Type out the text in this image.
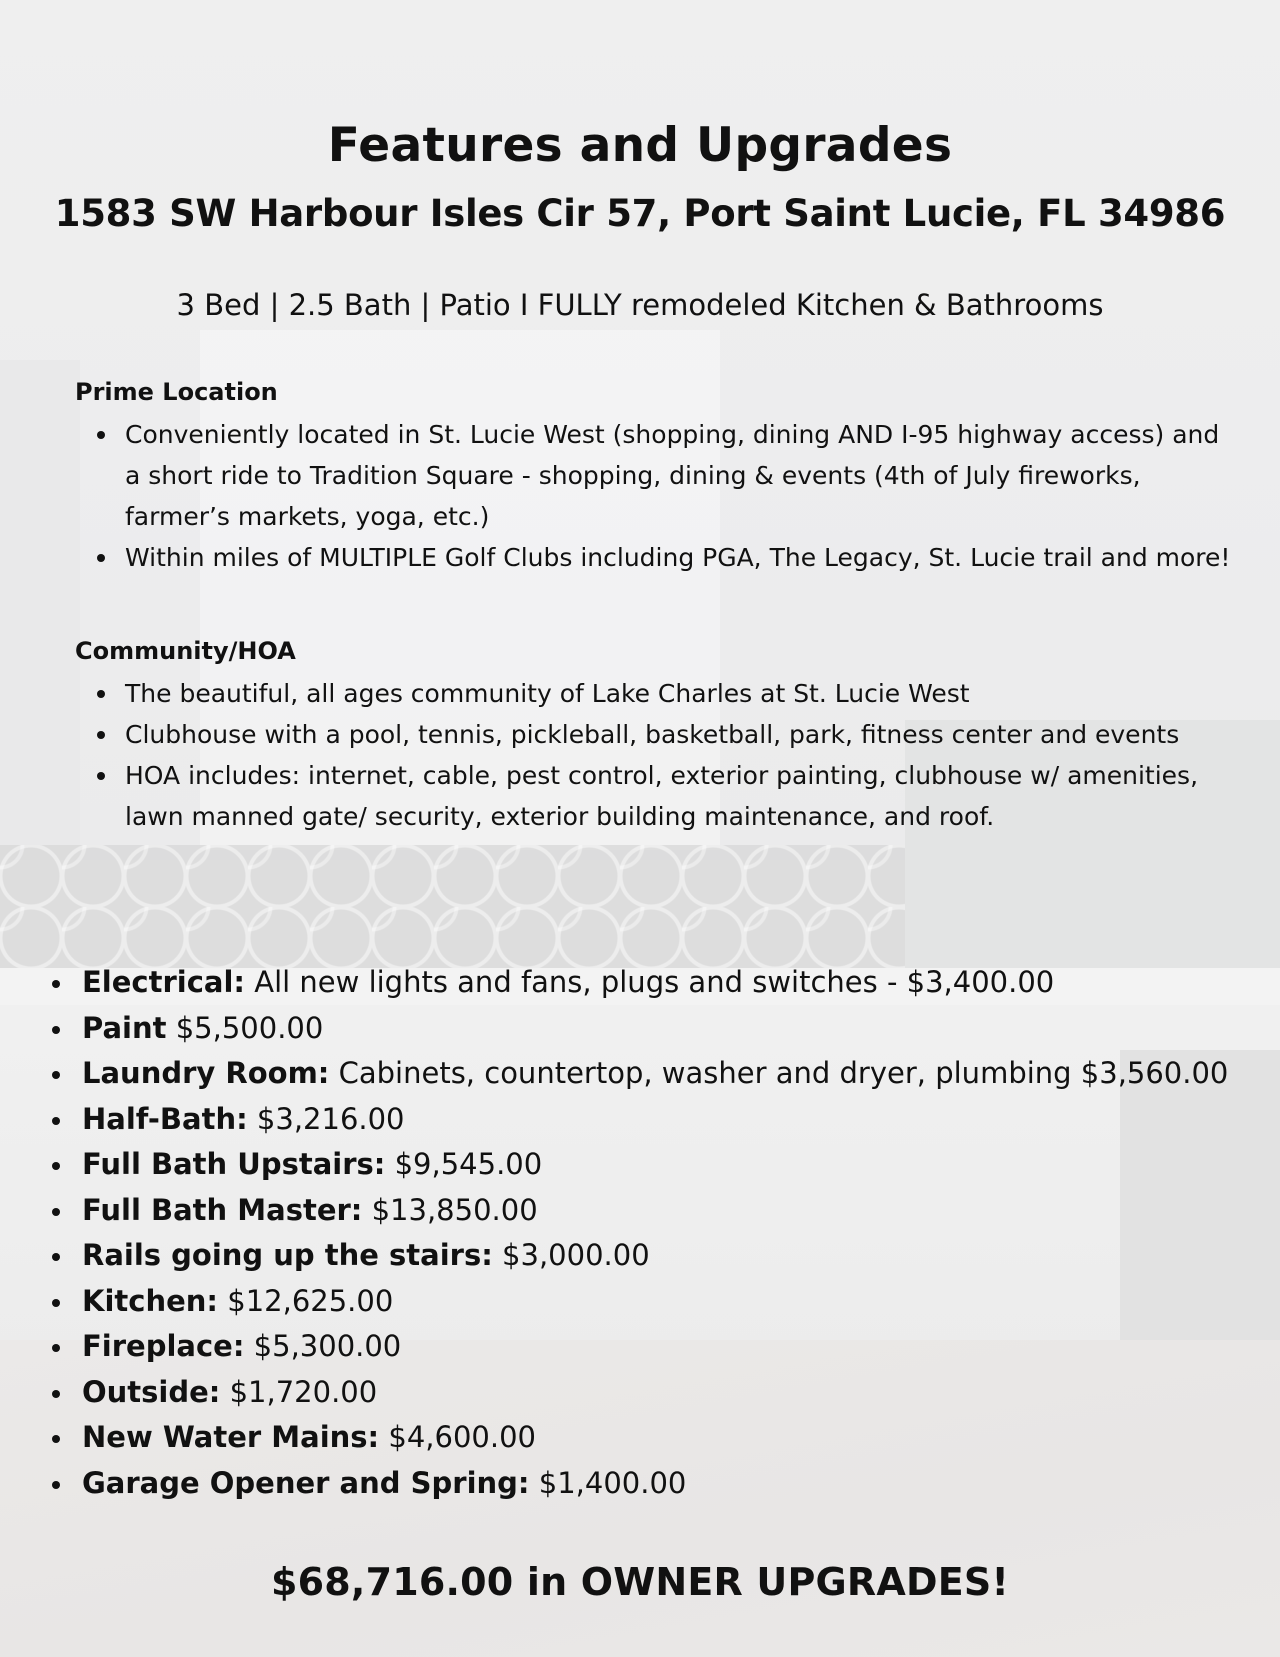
Features and Upgrades
1583 SW Harbour Isles Cir 57, Port Saint Lucie, FL 34986

3 Bed | 2.5 Bath | Patio I FULLY remodeled Kitchen & Bathrooms

Prime Location
Conveniently located in St. Lucie West (shopping, dining AND I-95 highway access) and a short ride to Tradition Square - shopping, dining & events (4th of July fireworks, farmer’s markets, yoga, etc.)
Within miles of MULTIPLE Golf Clubs including PGA, The Legacy, St. Lucie trail and more!
Community/HOA
The beautiful, all ages community of Lake Charles at St. Lucie West
Clubhouse with a pool, tennis, pickleball, basketball, park, fitness center and events
HOA includes: internet, cable, pest control, exterior painting, clubhouse w/ amenities, lawn manned gate/ security, exterior building maintenance, and roof.
Electrical: All new lights and fans, plugs and switches - $3,400.00
Paint $5,500.00
Laundry Room: Cabinets, countertop, washer and dryer, plumbing $3,560.00
Half-Bath: $3,216.00
Full Bath Upstairs: $9,545.00
Full Bath Master: $13,850.00
Rails going up the stairs: $3,000.00
Kitchen: $12,625.00
Fireplace: $5,300.00
Outside: $1,720.00
New Water Mains: $4,600.00
Garage Opener and Spring: $1,400.00
$68,716.00 in OWNER UPGRADES!
